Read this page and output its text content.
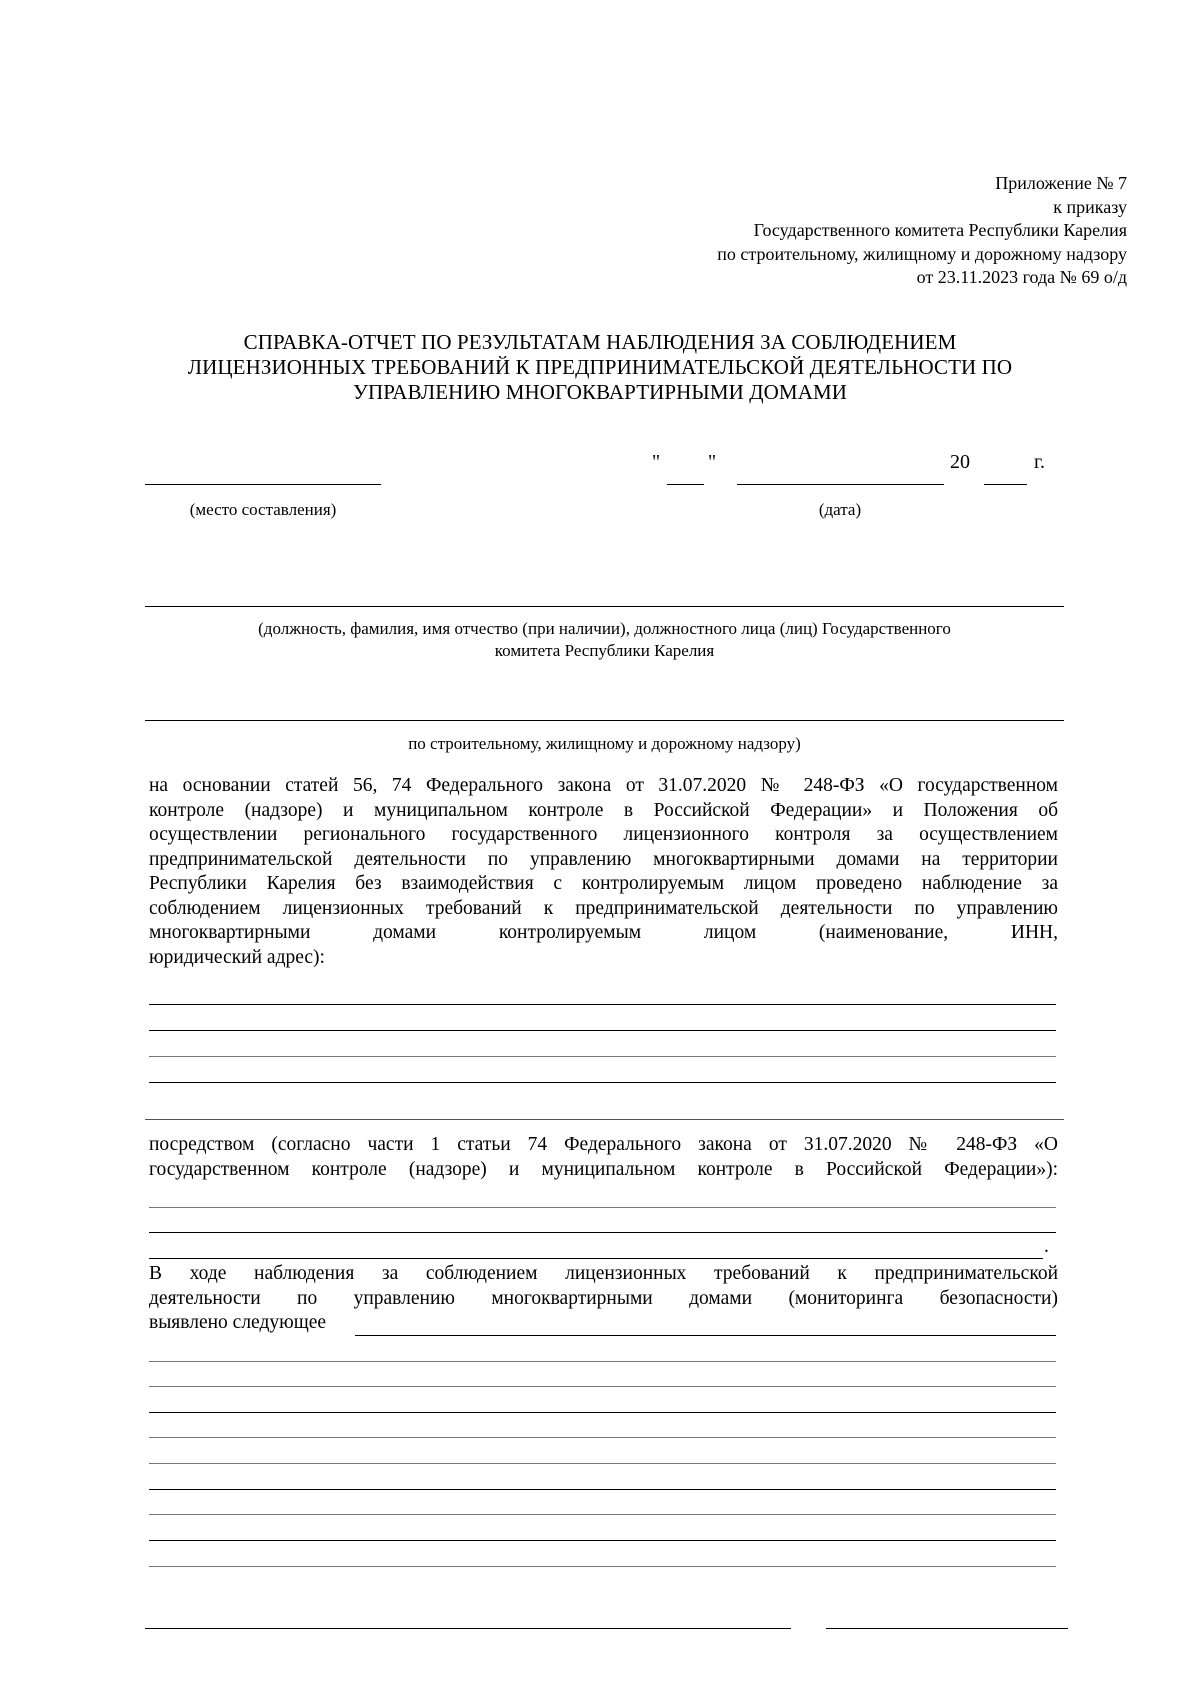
Приложение № 7
к приказу
Государственного комитета Республики Карелия
по строительному, жилищному и дорожному надзору
от 23.11.2023 года № 69 о/д
СПРАВКА-ОТЧЕТ ПО РЕЗУЛЬТАТАМ НАБЛЮДЕНИЯ ЗА СОБЛЮДЕНИЕМ
ЛИЦЕНЗИОННЫХ ТРЕБОВАНИЙ К ПРЕДПРИНИМАТЕЛЬСКОЙ ДЕЯТЕЛЬНОСТИ ПО
УПРАВЛЕНИЮ МНОГОКВАРТИРНЫМИ ДОМАМИ
" "	20	г.
(место составления)	(дата)
(должность, фамилия, имя отчество (при наличии), должностного лица (лиц) Государственного
комитета Республики Карелия
по строительному, жилищному и дорожному надзору)
на основании статей 56, 74 Федерального закона от 31.07.2020 № 248-ФЗ «О государственном
контроле (надзоре) и муниципальном контроле в Российской Федерации» и Положения об
осуществлении регионального государственного лицензионного контроля за осуществлением
предпринимательской деятельности по управлению многоквартирными домами на территории
Республики Карелия без взаимодействия с контролируемым лицом проведено наблюдение за
соблюдением лицензионных требований к предпринимательской деятельности по управлению
многоквартирными домами контролируемым лицом (наименование, ИНН,
юридический адрес):
посредством (согласно части 1 статьи 74 Федерального закона от 31.07.2020 № 248-ФЗ «О
государственном контроле (надзоре) и муниципальном контроле в Российской Федерации»):
.
В ходе наблюдения за соблюдением лицензионных требований к предпринимательской
деятельности по управлению многоквартирными домами (мониторинга безопасности)
выявлено следующее
